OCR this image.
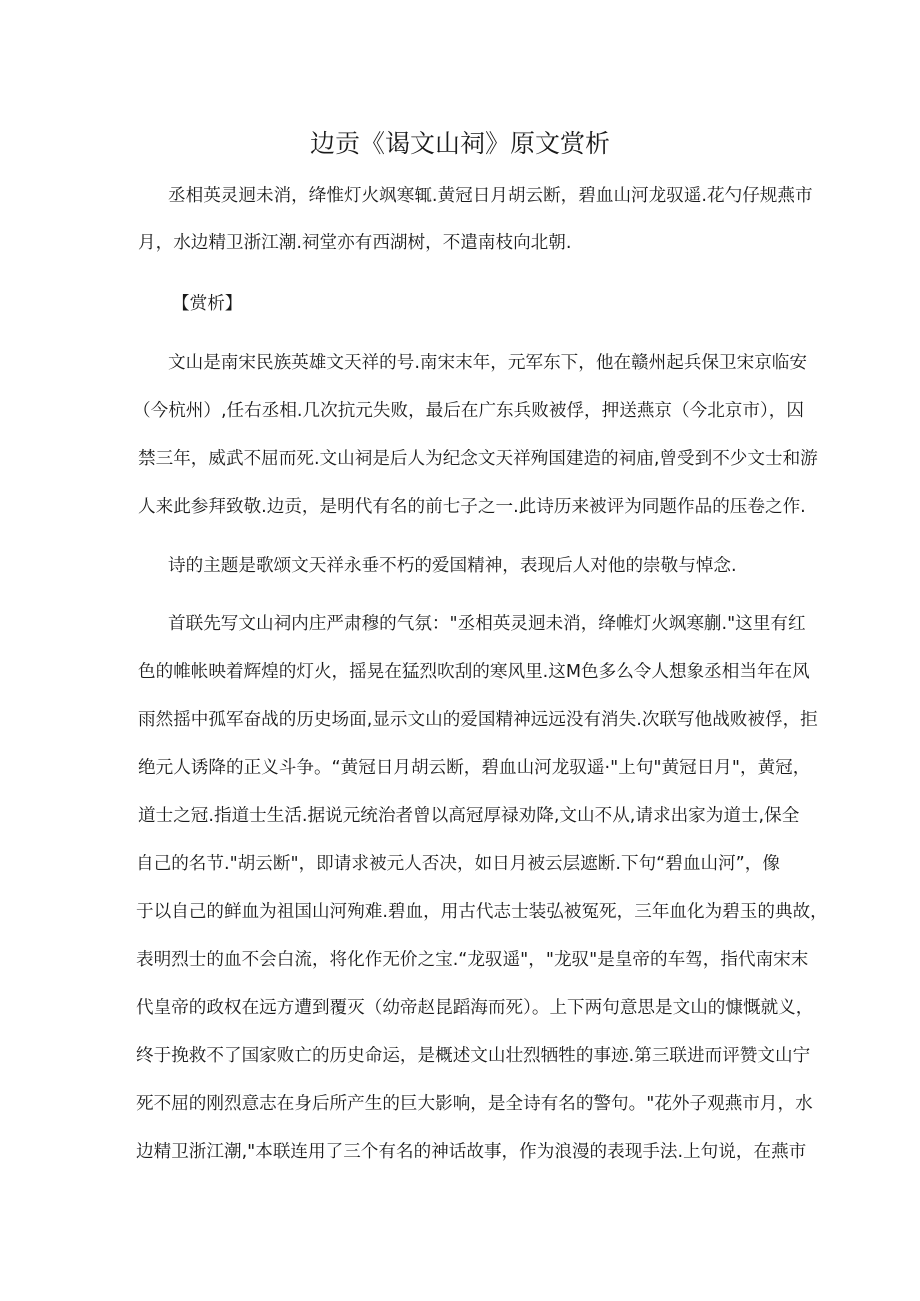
边贡《谒文山祠》原文赏析

丞相英灵迥未消，绛惟灯火飒寒辄.黄冠日月胡云断，碧血山河龙驭遥.花勺仔规燕市

月，水边精卫浙江潮.祠堂亦有西湖树，不遣南枝向北朝.

【赏析】

文山是南宋民族英雄文天祥的号.南宋末年，元军东下，他在赣州起兵保卫宋京临安

（今杭州）,任右丞相.几次抗元失败，最后在广东兵败被俘，押送燕京（今北京市），囚

禁三年，威武不屈而死.文山祠是后人为纪念文天祥殉国建造的祠庙,曾受到不少文士和游

人来此参拜致敬.边贡，是明代有名的前七子之一.此诗历来被评为同题作品的压卷之作.

诗的主题是歌颂文天祥永垂不朽的爱国精神，表现后人对他的崇敬与悼念.

首联先写文山祠内庄严肃穆的气氛："丞相英灵迥未消，绛帷灯火飒寒蒯."这里有红

色的帷帐映着辉煌的灯火，摇晃在猛烈吹刮的寒风里.这M色多么令人想象丞相当年在风

雨然摇中孤军奋战的历史场面,显示文山的爱国精神远远没有消失.次联写他战败被俘，拒

绝元人诱降的正义斗争。“黄冠日月胡云断，碧血山河龙驭遥·"上句"黄冠日月"，黄冠，

道士之冠.指道士生活.据说元统治者曾以高冠厚禄劝降,文山不从,请求出家为道士,保全

自己的名节."胡云断"，即请求被元人否决，如日月被云层遮断.下句“碧血山河”，像

于以自己的鲜血为祖国山河殉难.碧血，用古代志士装弘被冤死，三年血化为碧玉的典故，

表明烈士的血不会白流，将化作无价之宝.“龙驭遥"，"龙驭"是皇帝的车驾，指代南宋末

代皇帝的政权在远方遭到覆灭（幼帝赵昆蹈海而死）。上下两句意思是文山的慷慨就义，

终于挽救不了国家败亡的历史命运，是概述文山壮烈牺牲的事迹.第三联进而评赞文山宁

死不屈的刚烈意志在身后所产生的巨大影响，是全诗有名的警句。"花外子观燕市月，水

边精卫浙江潮,"本联连用了三个有名的神话故事，作为浪漫的表现手法.上句说，在燕市
